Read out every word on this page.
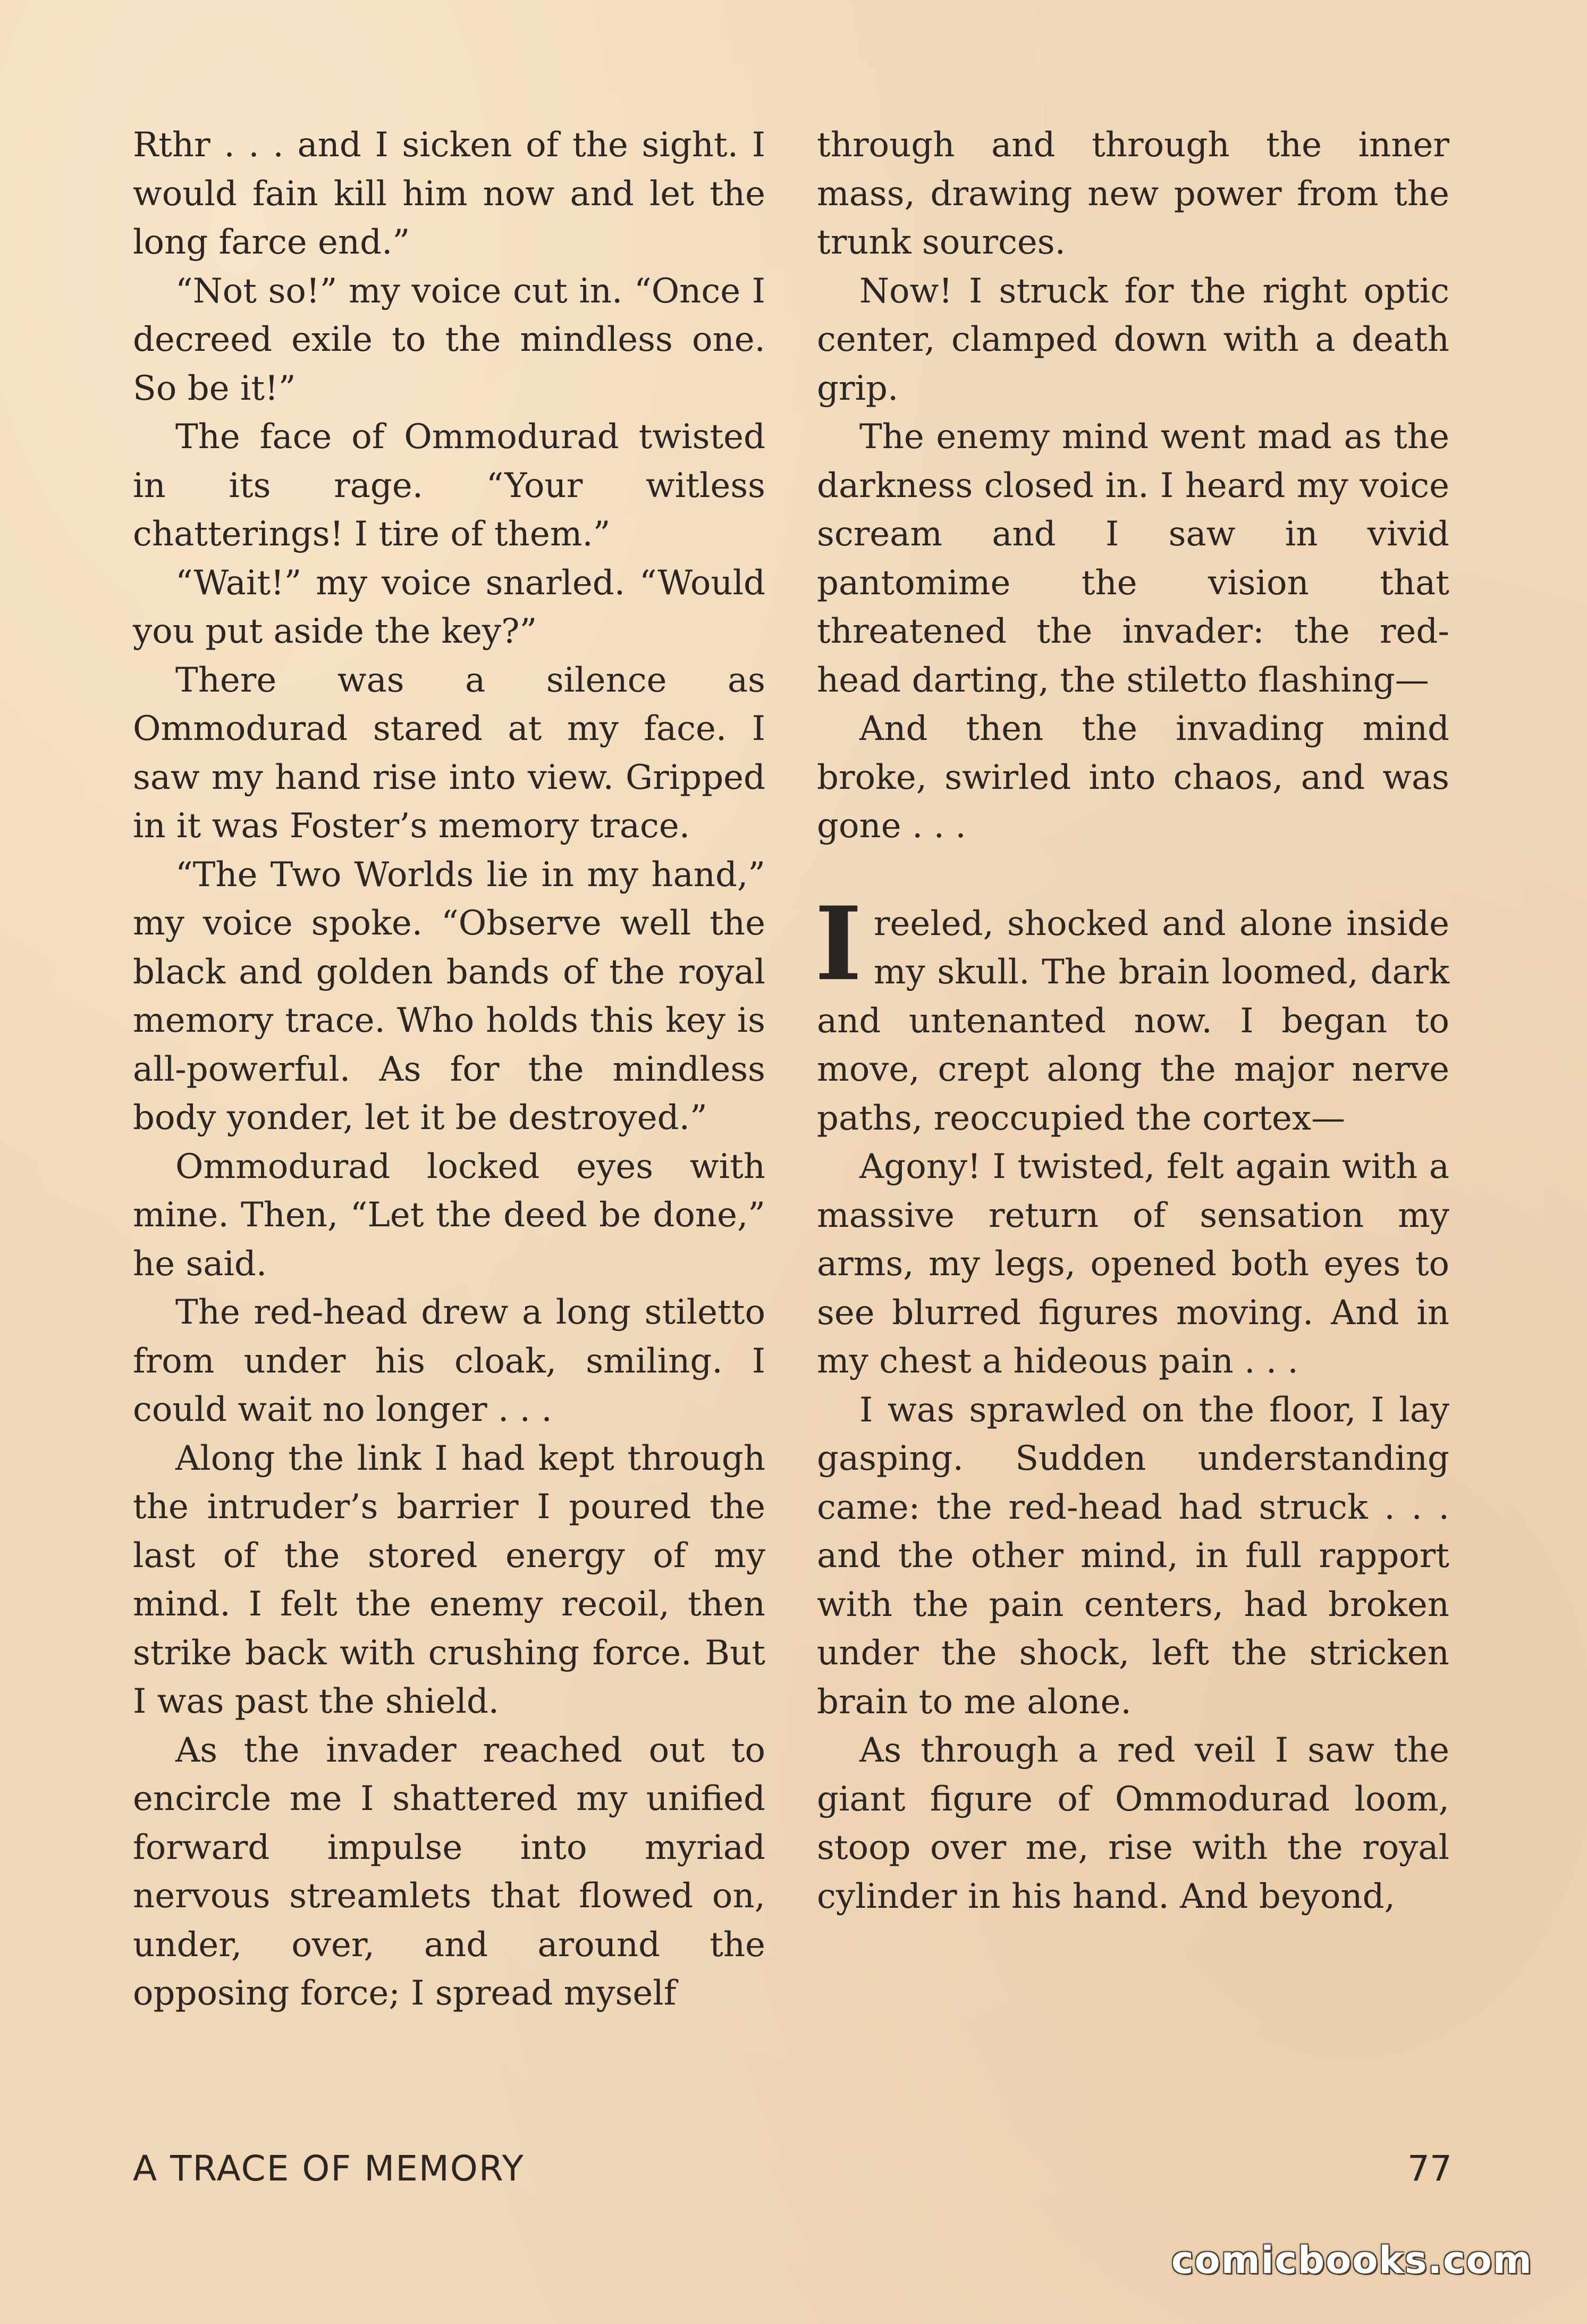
Rthr . . . and I sicken of the sight. I would fain kill him now and let the long farce end.”

“Not so!” my voice cut in. “Once I decreed exile to the mindless one. So be it!”

The face of Ommodurad twisted in its rage. “Your witless chatterings! I tire of them.”

“Wait!” my voice snarled. “Would you put aside the key?”

There was a silence as Ommodurad stared at my face. I saw my hand rise into view. Gripped in it was Foster’s memory trace.

“The Two Worlds lie in my hand,” my voice spoke. “Observe well the black and golden bands of the royal memory trace. Who holds this key is all-powerful. As for the mindless body yonder, let it be destroyed.”

Ommodurad locked eyes with mine. Then, “Let the deed be done,” he said.

The red-head drew a long stiletto from under his cloak, smiling. I could wait no longer . . .

Along the link I had kept through the intruder’s barrier I poured the last of the stored energy of my mind. I felt the enemy recoil, then strike back with crushing force. But I was past the shield.

As the invader reached out to encircle me I shattered my unified forward impulse into myriad nervous streamlets that flowed on, under, over, and around the opposing force; I spread myself

through and through the inner mass, drawing new power from the trunk sources.

Now! I struck for the right optic center, clamped down with a death grip.

The enemy mind went mad as the darkness closed in. I heard my voice scream and I saw in vivid pantomime the vision that threatened the invader: the red-head darting, the stiletto flashing—

And then the invading mind broke, swirled into chaos, and was gone . . .

Ireeled, shocked and alone inside my skull. The brain loomed, dark and untenanted now. I began to move, crept along the major nerve paths, reoccupied the cortex—

Agony! I twisted, felt again with a massive return of sensation my arms, my legs, opened both eyes to see blurred figures moving. And in my chest a hideous pain . . .

I was sprawled on the floor, I lay gasping. Sudden understanding came: the red-head had struck . . . and the other mind, in full rapport with the pain centers, had broken under the shock, left the stricken brain to me alone.

As through a red veil I saw the giant figure of Ommodurad loom, stoop over me, rise with the royal cylinder in his hand. And beyond,

A TRACE OF MEMORY	77
comicbooks.com
